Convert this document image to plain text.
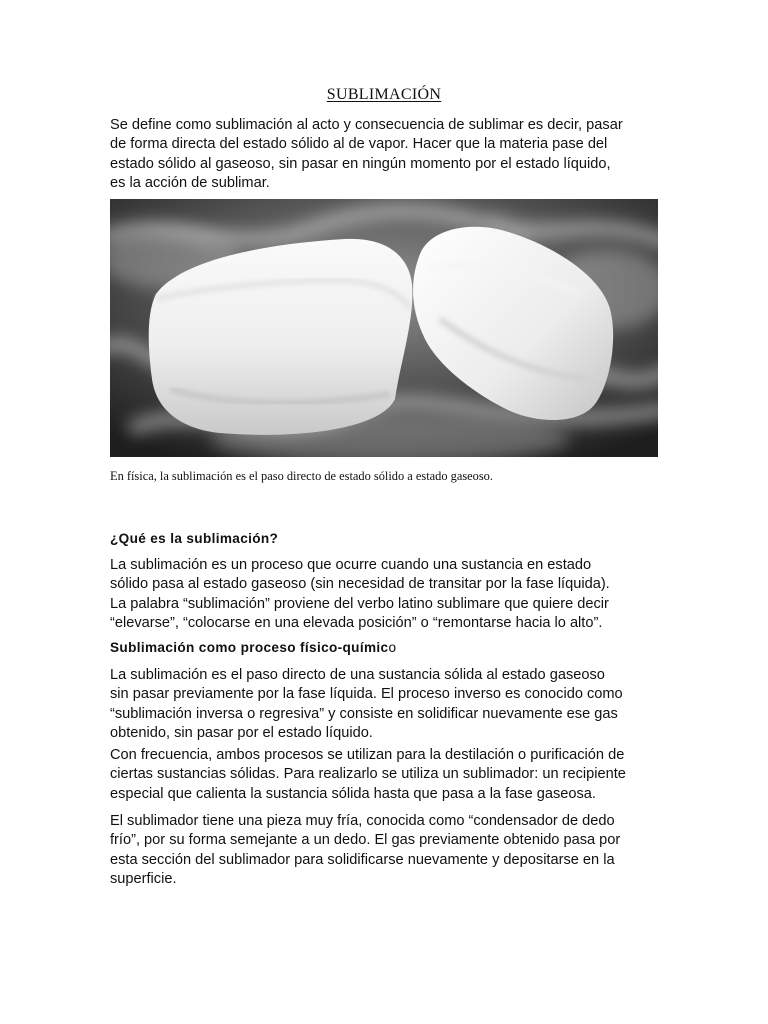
SUBLIMACIÓN

Se define como sublimación al acto y consecuencia de sublimar es decir, pasar
de forma directa del estado sólido al de vapor. Hacer que la materia pase del
estado sólido al gaseoso, sin pasar en ningún momento por el estado líquido,
es la acción de sublimar.

En física, la sublimación es el paso directo de estado sólido a estado gaseoso.

¿Qué es la sublimación?

La sublimación es un proceso que ocurre cuando una sustancia en estado
sólido pasa al estado gaseoso (sin necesidad de transitar por la fase líquida).
La palabra “sublimación” proviene del verbo latino sublimare que quiere decir
“elevarse”, “colocarse en una elevada posición” o “remontarse hacia lo alto”.

Sublimación como proceso físico-químico

La sublimación es el paso directo de una sustancia sólida al estado gaseoso
sin pasar previamente por la fase líquida. El proceso inverso es conocido como
“sublimación inversa o regresiva” y consiste en solidificar nuevamente ese gas
obtenido, sin pasar por el estado líquido.

Con frecuencia, ambos procesos se utilizan para la destilación o purificación de
ciertas sustancias sólidas. Para realizarlo se utiliza un sublimador: un recipiente
especial que calienta la sustancia sólida hasta que pasa a la fase gaseosa.

El sublimador tiene una pieza muy fría, conocida como “condensador de dedo
frío”, por su forma semejante a un dedo. El gas previamente obtenido pasa por
esta sección del sublimador para solidificarse nuevamente y depositarse en la
superficie.
